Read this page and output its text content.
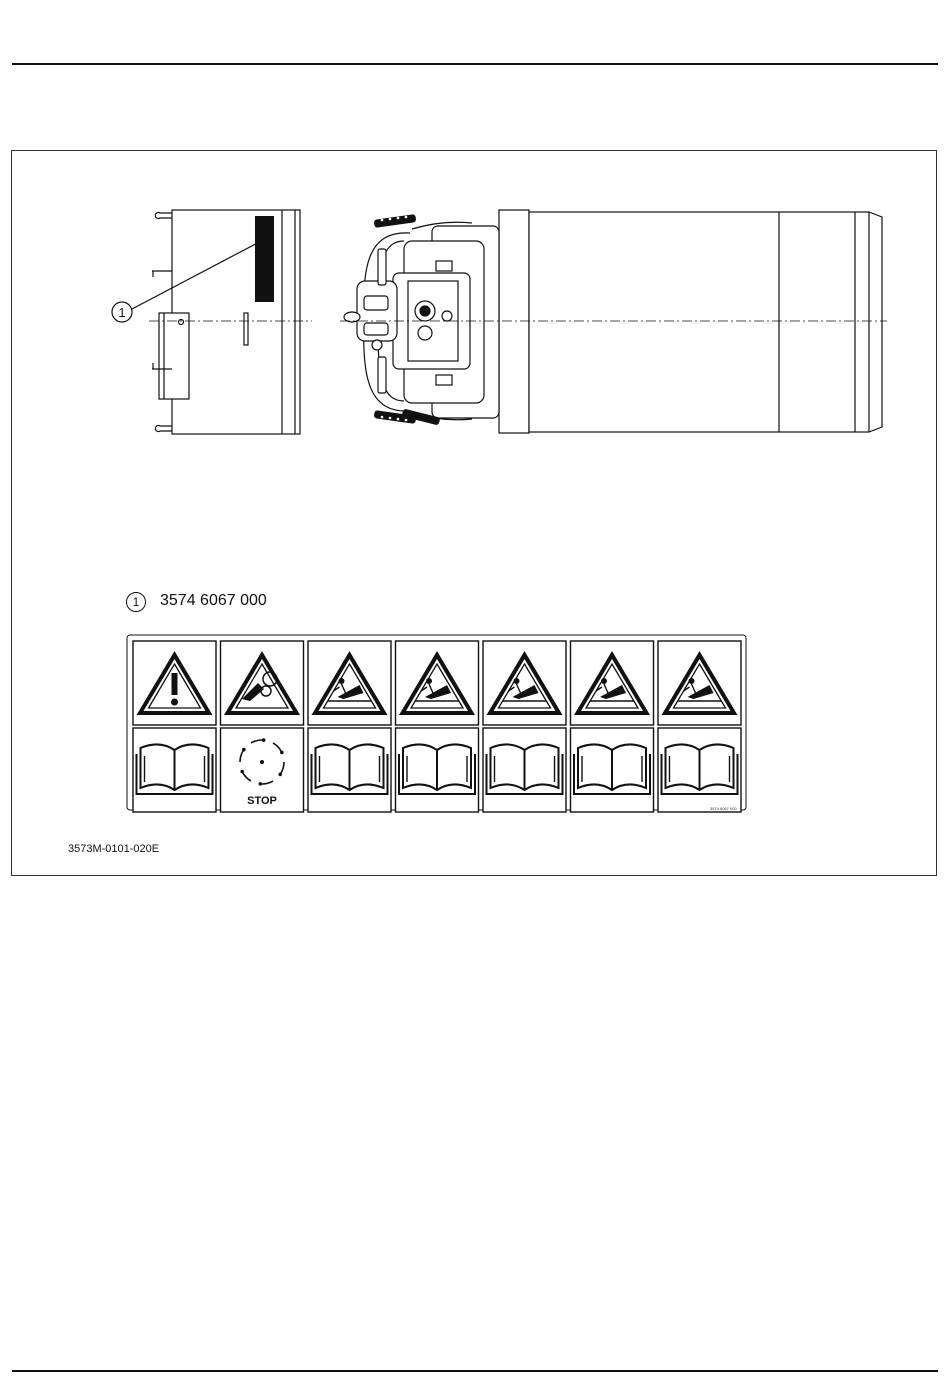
1
STOP
1	3574 6067 000
3573M-0101-020E
3574 6067 000
